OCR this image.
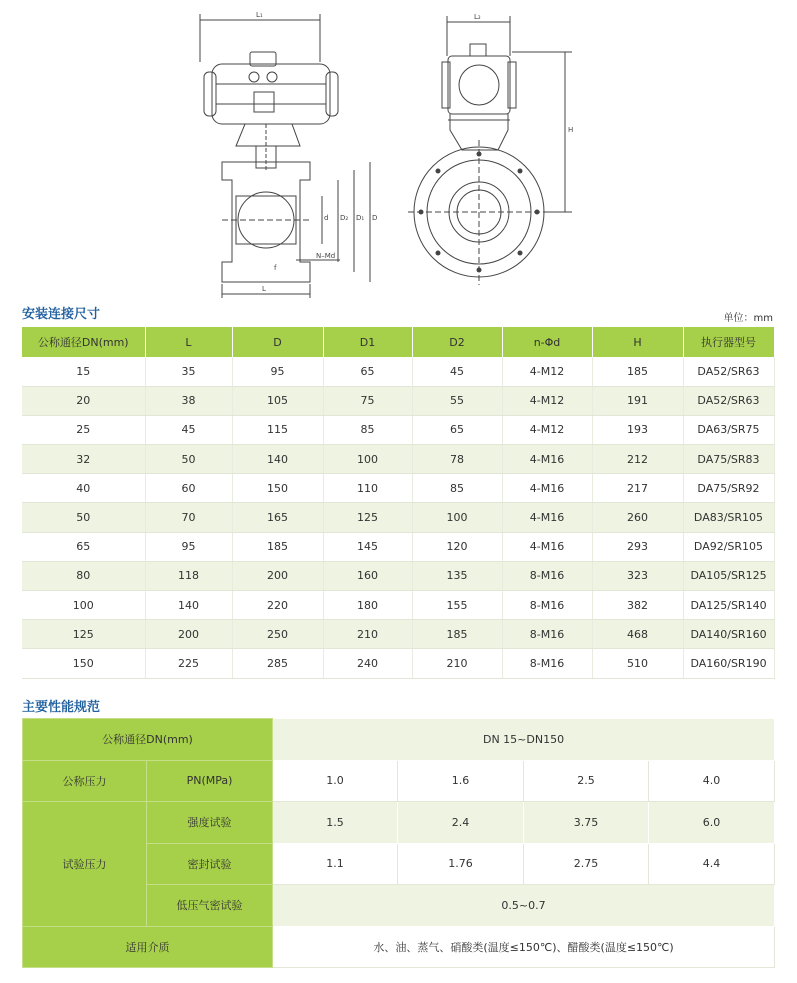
L₁	L₂
H
D
D₁
d D₂
N–Md
f
L
安装连接尺寸	单位：mm
公称通径DN(mm)	L	D	D1	D2	n-Φd	H	执行器型号
15	35	95	65	45	4-M12	185	DA52/SR63
20	38	105	75	55	4-M12	191	DA52/SR63
25	45	115	85	65	4-M12	193	DA63/SR75
32	50	140	100	78	4-M16	212	DA75/SR83
40	60	150	110	85	4-M16	217	DA75/SR92
50	70	165	125	100	4-M16	260	DA83/SR105
65	95	185	145	120	4-M16	293	DA92/SR105
80	118	200	160	135	8-M16	323	DA105/SR125
100	140	220	180	155	8-M16	382	DA125/SR140
125	200	250	210	185	8-M16	468	DA140/SR160
150	225	285	240	210	8-M16	510	DA160/SR190
主要性能规范
公称通径DN(mm)		DN 15~DN150			
公称压力	PN(MPa)	1.0	1.6	2.5	4.0
试验压力	强度试验	1.5	2.4	3.75	6.0
	密封试验	1.1	1.76	2.75	4.4
	低压气密试验	0.5~0.7			
适用介质		水、油、蒸气、硝酸类(温度≤150℃)、醋酸类(温度≤150℃)			
